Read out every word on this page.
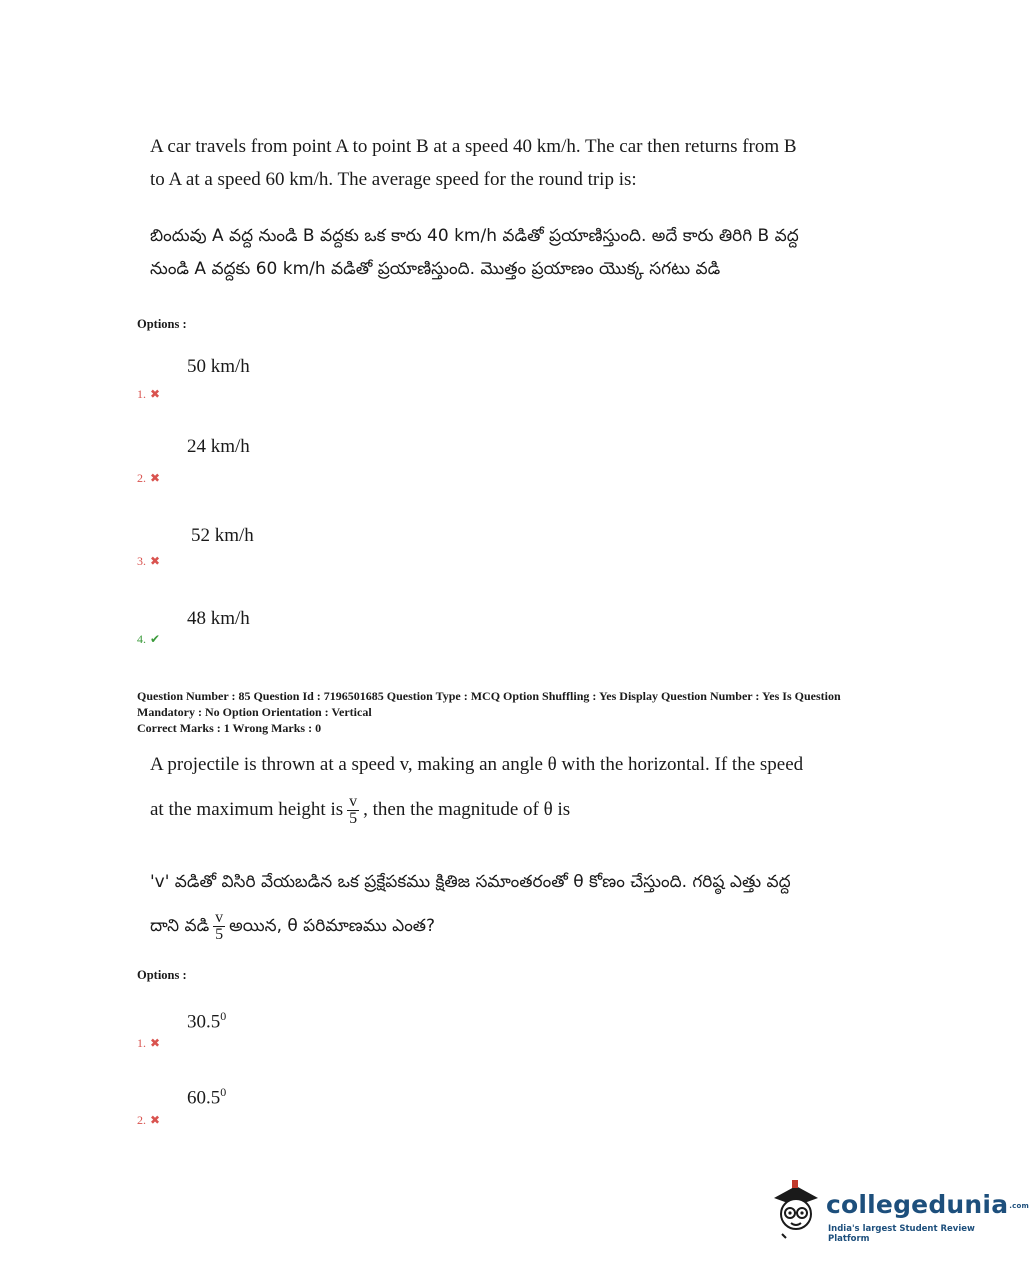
A car travels from point A to point B at a speed 40 km/h. The car then returns from B
to A at a speed 60 km/h. The average speed for the round trip is:
బిందువు A వద్ద నుండి B వద్దకు ఒక కారు 40 km/h వడితో ప్రయాణిస్తుంది. అదే కారు తిరిగి B వద్ద
నుండి A వద్దకు 60 km/h వడితో ప్రయాణిస్తుంది. మొత్తం ప్రయాణం యొక్క సగటు వడి
Options :
50 km/h
1. ✖
24 km/h
2. ✖
52 km/h
3. ✖
48 km/h
4. ✔
Question Number : 85 Question Id : 7196501685 Question Type : MCQ Option Shuffling : Yes Display Question Number : Yes Is Question
Mandatory : No Option Orientation : Vertical
Correct Marks : 1 Wrong Marks : 0
A projectile is thrown at a speed v, making an angle θ with the horizontal. If the speed
at the maximum height is $\frac{v}{5}$ , then the magnitude of θ is
'v' వడితో విసిరి వేయబడిన ఒక ప్రక్షేపకము క్షితిజ సమాంతరంతో θ కోణం చేస్తుంది. గరిష్ఠ ఎత్తు వద్ద
దాని వడి $\frac{v}{5}$ అయిన, θ పరిమాణము ఎంత?
Options :
30.5$^0$
1. ✖
60.5$^0$
2. ✖
collegedunia.com
India's largest Student Review Platform
